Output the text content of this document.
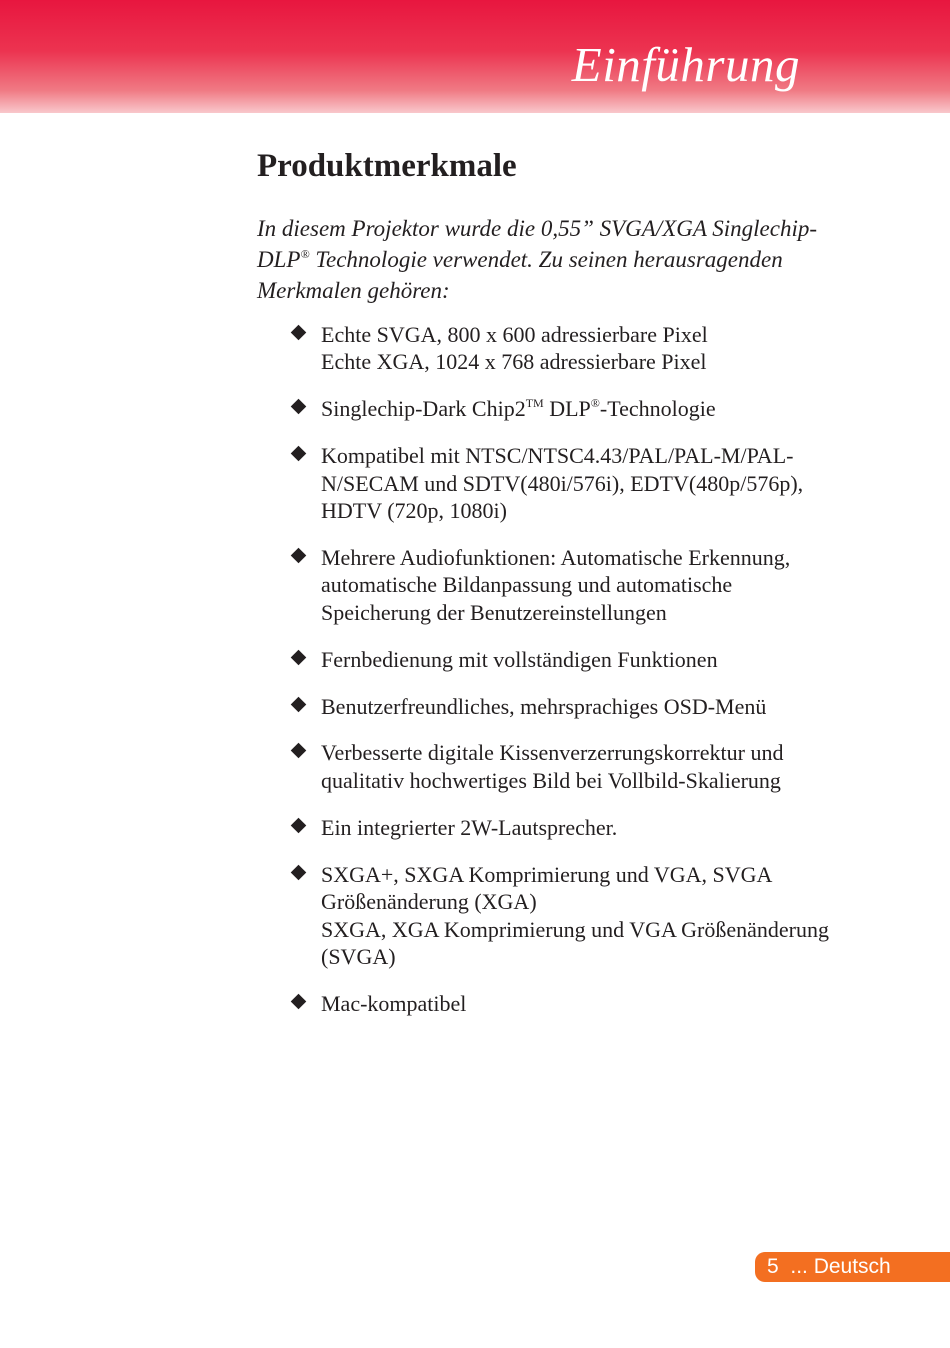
Einführung
Produktmerkmale

In diesem Projektor wurde die 0,55” SVGA/XGA Singlechip-
DLP® Technologie verwendet. Zu seinen herausragenden
Merkmalen gehören:

Echte SVGA, 800 x 600 adressierbare Pixel
Echte XGA, 1024 x 768 adressierbare Pixel
Singlechip-Dark Chip2™ DLP®-Technologie
Kompatibel mit NTSC/NTSC4.43/PAL/PAL-M/PAL-
N/SECAM und SDTV(480i/576i), EDTV(480p/576p),
HDTV (720p, 1080i)
Mehrere Audiofunktionen: Automatische Erkennung,
automatische Bildanpassung und automatische
Speicherung der Benutzereinstellungen
Fernbedienung mit vollständigen Funktionen
Benutzerfreundliches, mehrsprachiges OSD-Menü
Verbesserte digitale Kissenverzerrungskorrektur und
qualitativ hochwertiges Bild bei Vollbild-Skalierung
Ein integrierter 2W-Lautsprecher.
SXGA+, SXGA Komprimierung und VGA, SVGA
Größenänderung (XGA)
SXGA, XGA Komprimierung und VGA Größenänderung
(SVGA)
Mac-kompatibel
5 ... Deutsch
